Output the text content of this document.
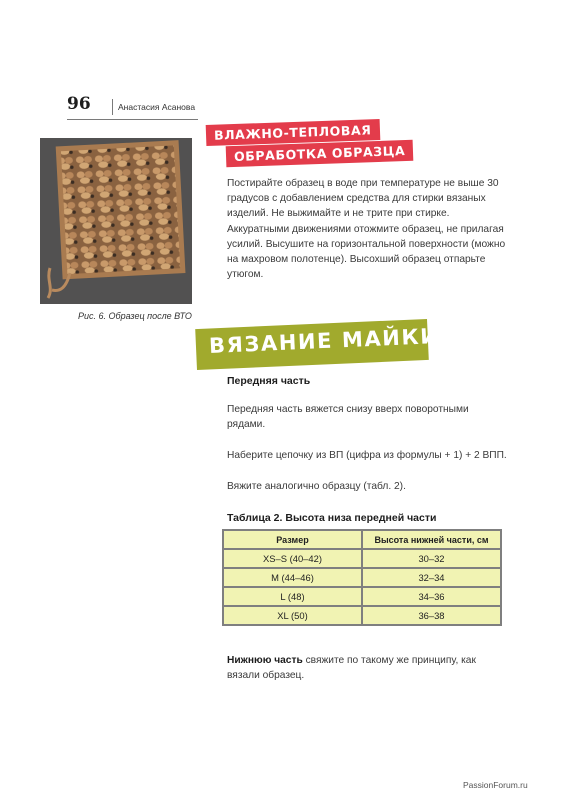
96	Анастасия Асанова
Рис. 6. Образец после ВТО
ВЛАЖНО-ТЕПЛОВАЯ
ОБРАБОТКА ОБРАЗЦА
Постирайте образец в воде при температуре не выше 30 градусов с добавлением средства для стирки вязаных изделий. Не выжимайте и не трите при стирке. Аккуратными движениями отожмите образец, не прилагая усилий. Высушите на горизонтальной поверхности (можно на махровом полотенце). Высохший образец отпарьте утюгом.
ВЯЗАНИЕ МАЙКИ
Передняя часть
Передняя часть вяжется снизу вверх поворотными рядами.
Наберите цепочку из ВП (цифра из формулы + 1) + 2 ВПП.
Вяжите аналогично образцу (табл. 2).
Таблица 2. Высота низа передней части
Размер	Высота нижней части, см
XS–S (40–42)	30–32
M (44–46)	32–34
L (48)	34–36
XL (50)	36–38
Нижнюю часть свяжите по такому же принципу, как вязали образец.
PassionForum.ru
